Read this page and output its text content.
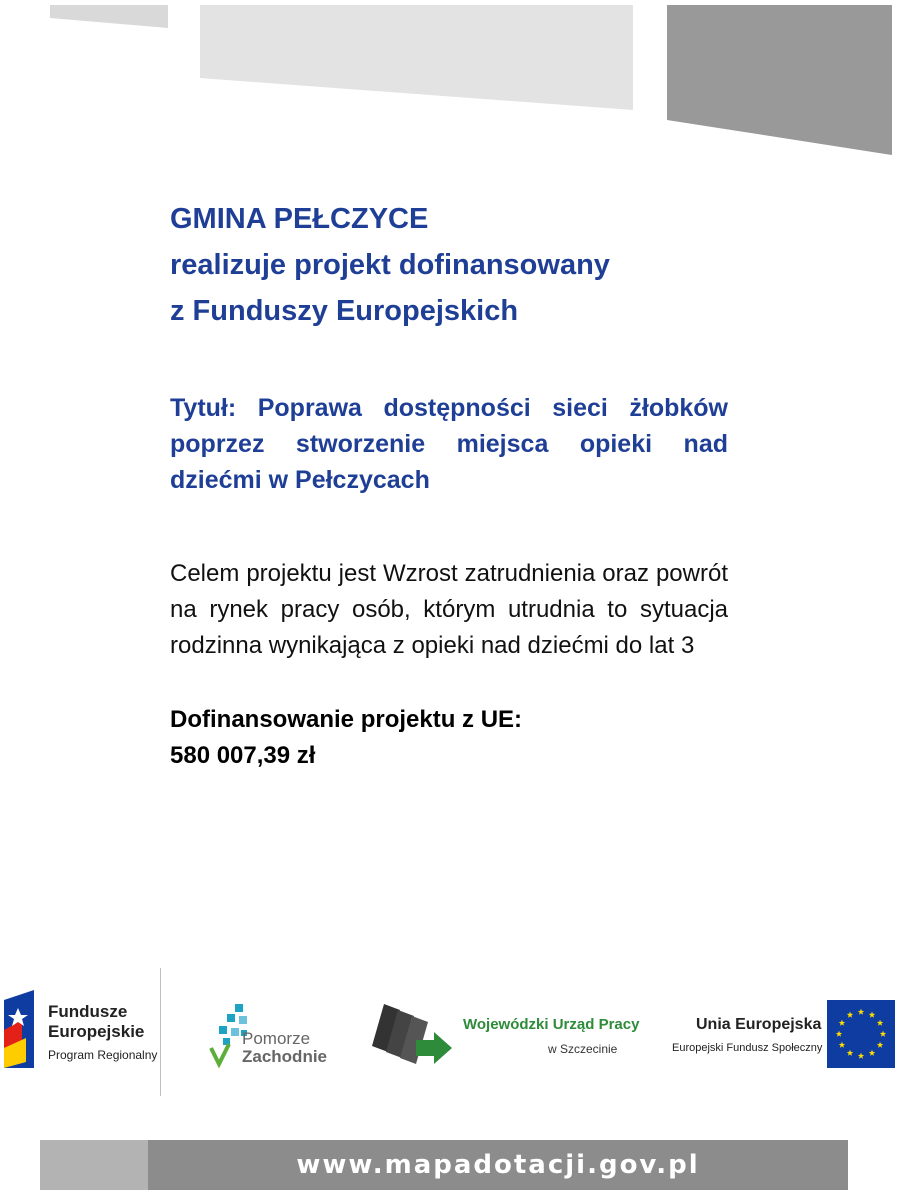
GMINA PEŁCZYCE
realizuje projekt dofinansowany
z Funduszy Europejskich

Tytuł: Poprawa dostępności sieci żłobków poprzez stworzenie miejsca opieki nad dziećmi w Pełczycach

Celem projektu jest Wzrost zatrudnienia oraz powrót na rynek pracy osób, którym utrudnia to sytuacja rodzinna wynikająca z opieki nad dziećmi do lat 3

Dofinansowanie projektu z UE:
580 007,39 zł

Fundusze
Europejskie
Program Regionalny
Pomorze
Zachodnie
Wojewódzki Urząd Pracy
w Szczecinie
Unia Europejska
Europejski Fundusz Społeczny
www.mapadotacji.gov.pl
